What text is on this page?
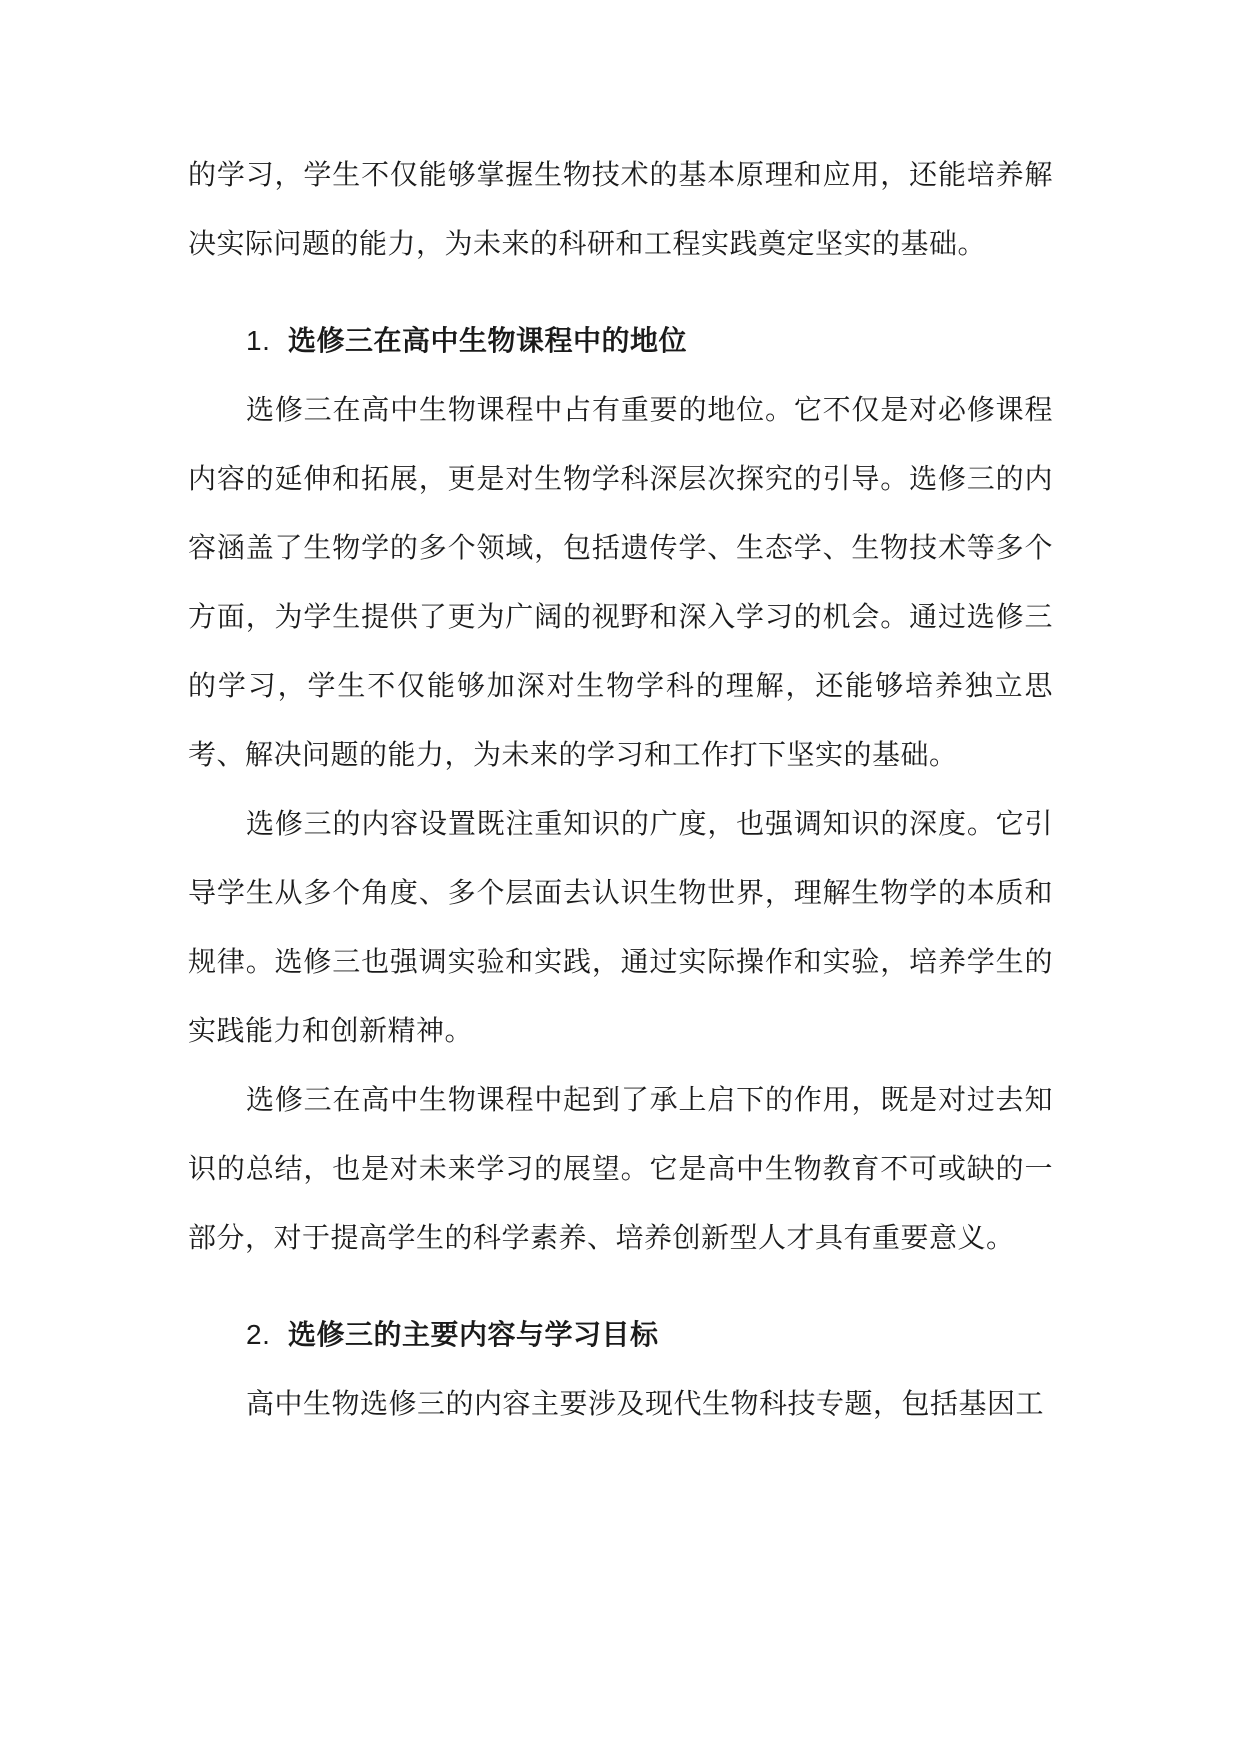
的学习，学生不仅能够掌握生物技术的基本原理和应用，还能培养解决实际问题的能力，为未来的科研和工程实践奠定坚实的基础。

1. 选修三在高中生物课程中的地位

选修三在高中生物课程中占有重要的地位。它不仅是对必修课程内容的延伸和拓展，更是对生物学科深层次探究的引导。选修三的内容涵盖了生物学的多个领域，包括遗传学、生态学、生物技术等多个方面，为学生提供了更为广阔的视野和深入学习的机会。通过选修三的学习，学生不仅能够加深对生物学科的理解，还能够培养独立思考、解决问题的能力，为未来的学习和工作打下坚实的基础。

选修三的内容设置既注重知识的广度，也强调知识的深度。它引导学生从多个角度、多个层面去认识生物世界，理解生物学的本质和规律。选修三也强调实验和实践，通过实际操作和实验，培养学生的实践能力和创新精神。

选修三在高中生物课程中起到了承上启下的作用，既是对过去知识的总结，也是对未来学习的展望。它是高中生物教育不可或缺的一部分，对于提高学生的科学素养、培养创新型人才具有重要意义。

2. 选修三的主要内容与学习目标

高中生物选修三的内容主要涉及现代生物科技专题，包括基因工
